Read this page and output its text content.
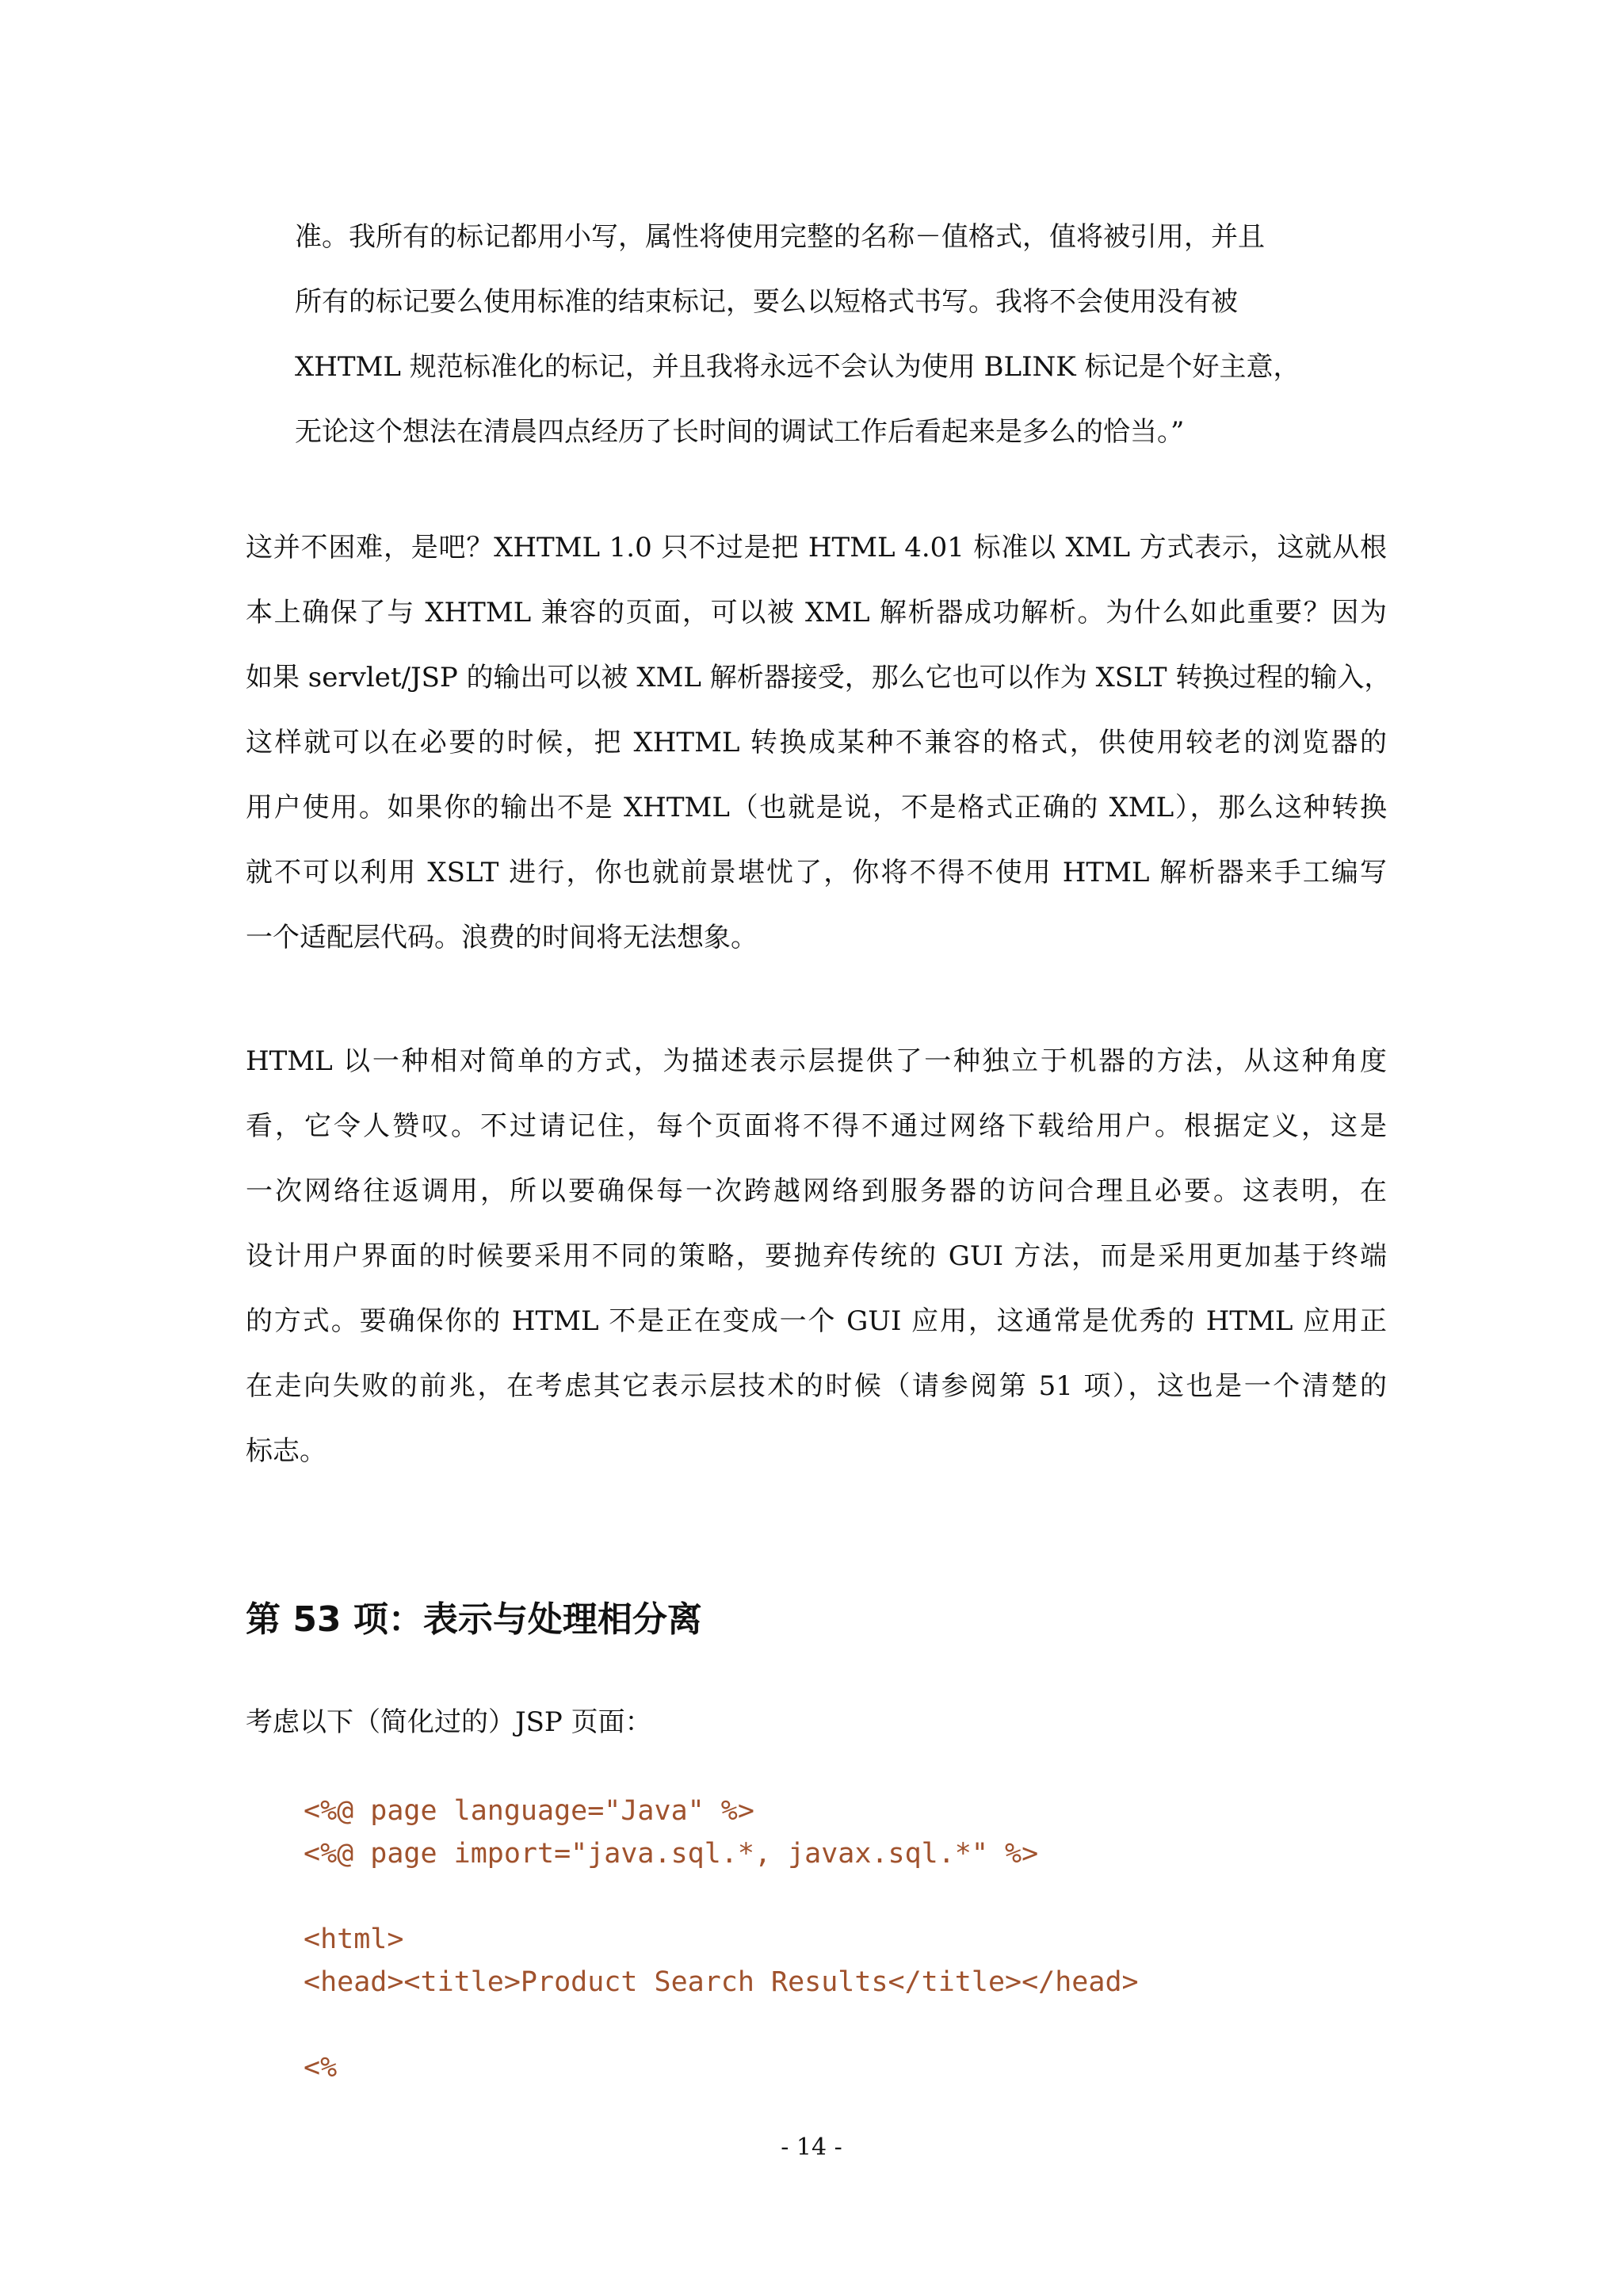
准。我所有的标记都用小写，属性将使用完整的名称－值格式，值将被引用，并且
所有的标记要么使用标准的结束标记，要么以短格式书写。我将不会使用没有被
XHTML 规范标准化的标记，并且我将永远不会认为使用 BLINK 标记是个好主意，
无论这个想法在清晨四点经历了长时间的调试工作后看起来是多么的恰当。”
这并不困难，是吧？XHTML 1.0 只不过是把 HTML 4.01 标准以 XML 方式表示，这就从根
本上确保了与 XHTML 兼容的页面，可以被 XML 解析器成功解析。为什么如此重要？因为
如果 servlet/JSP 的输出可以被 XML 解析器接受，那么它也可以作为 XSLT 转换过程的输入，
这样就可以在必要的时候，把 XHTML 转换成某种不兼容的格式，供使用较老的浏览器的
用户使用。如果你的输出不是 XHTML（也就是说，不是格式正确的 XML），那么这种转换
就不可以利用 XSLT 进行，你也就前景堪忧了，你将不得不使用 HTML 解析器来手工编写
一个适配层代码。浪费的时间将无法想象。
HTML 以一种相对简单的方式，为描述表示层提供了一种独立于机器的方法，从这种角度
看，它令人赞叹。不过请记住，每个页面将不得不通过网络下载给用户。根据定义，这是
一次网络往返调用，所以要确保每一次跨越网络到服务器的访问合理且必要。这表明，在
设计用户界面的时候要采用不同的策略，要抛弃传统的 GUI 方法，而是采用更加基于终端
的方式。要确保你的 HTML 不是正在变成一个 GUI 应用，这通常是优秀的 HTML 应用正
在走向失败的前兆，在考虑其它表示层技术的时候（请参阅第 51 项），这也是一个清楚的
标志。
第 53 项：表示与处理相分离
考虑以下（简化过的）JSP 页面：
<%@ page language="Java" %>
<%@ page import="java.sql.*, javax.sql.*" %>
<html>
<head><title>Product Search Results</title></head>
<%
- 14 -
